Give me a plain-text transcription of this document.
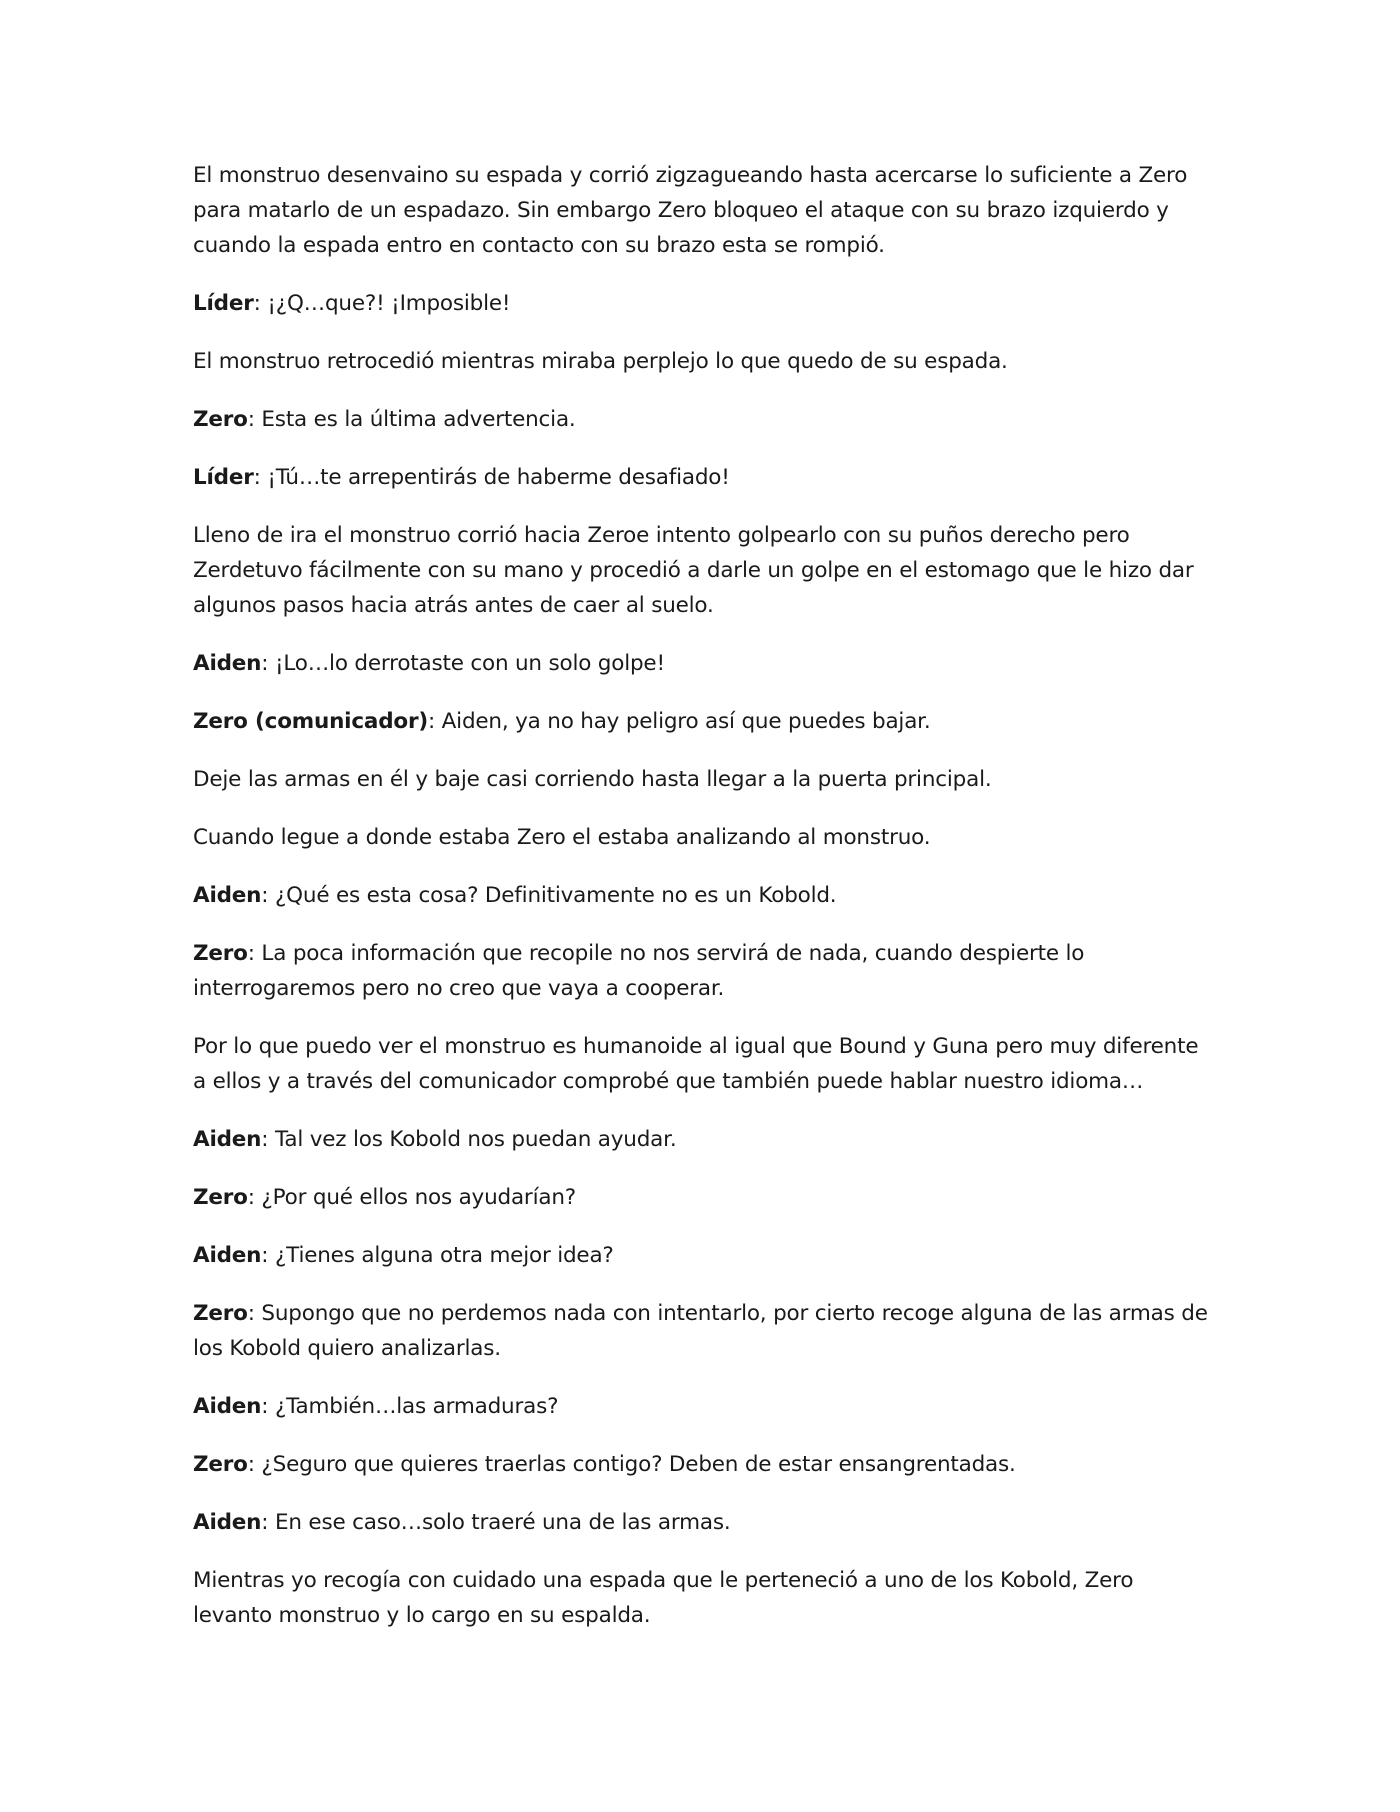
El monstruo desenvaino su espada y corrió zigzagueando hasta acercarse lo suficiente a Zero para matarlo de un espadazo. Sin embargo Zero bloqueo el ataque con su brazo izquierdo y cuando la espada entro en contacto con su brazo esta se rompió.

Líder: ¡¿Q…que?! ¡Imposible!

El monstruo retrocedió mientras miraba perplejo lo que quedo de su espada.

Zero: Esta es la última advertencia.

Líder: ¡Tú…te arrepentirás de haberme desafiado!

Lleno de ira el monstruo corrió hacia Zeroe intento golpearlo con su puños derecho pero Zerdetuvo fácilmente con su mano y procedió a darle un golpe en el estomago que le hizo dar algunos pasos hacia atrás antes de caer al suelo.

Aiden: ¡Lo…lo derrotaste con un solo golpe!

Zero (comunicador): Aiden, ya no hay peligro así que puedes bajar.

Deje las armas en él y baje casi corriendo hasta llegar a la puerta principal.

Cuando legue a donde estaba Zero el estaba analizando al monstruo.

Aiden: ¿Qué es esta cosa? Definitivamente no es un Kobold.

Zero: La poca información que recopile no nos servirá de nada, cuando despierte lo interrogaremos pero no creo que vaya a cooperar.

Por lo que puedo ver el monstruo es humanoide al igual que Bound y Guna pero muy diferente a ellos y a través del comunicador comprobé que también puede hablar nuestro idioma…

Aiden: Tal vez los Kobold nos puedan ayudar.

Zero: ¿Por qué ellos nos ayudarían?

Aiden: ¿Tienes alguna otra mejor idea?

Zero: Supongo que no perdemos nada con intentarlo, por cierto recoge alguna de las armas de los Kobold quiero analizarlas.

Aiden: ¿También…las armaduras?

Zero: ¿Seguro que quieres traerlas contigo? Deben de estar ensangrentadas.

Aiden: En ese caso…solo traeré una de las armas.

Mientras yo recogía con cuidado una espada que le perteneció a uno de los Kobold, Zero levanto monstruo y lo cargo en su espalda.
